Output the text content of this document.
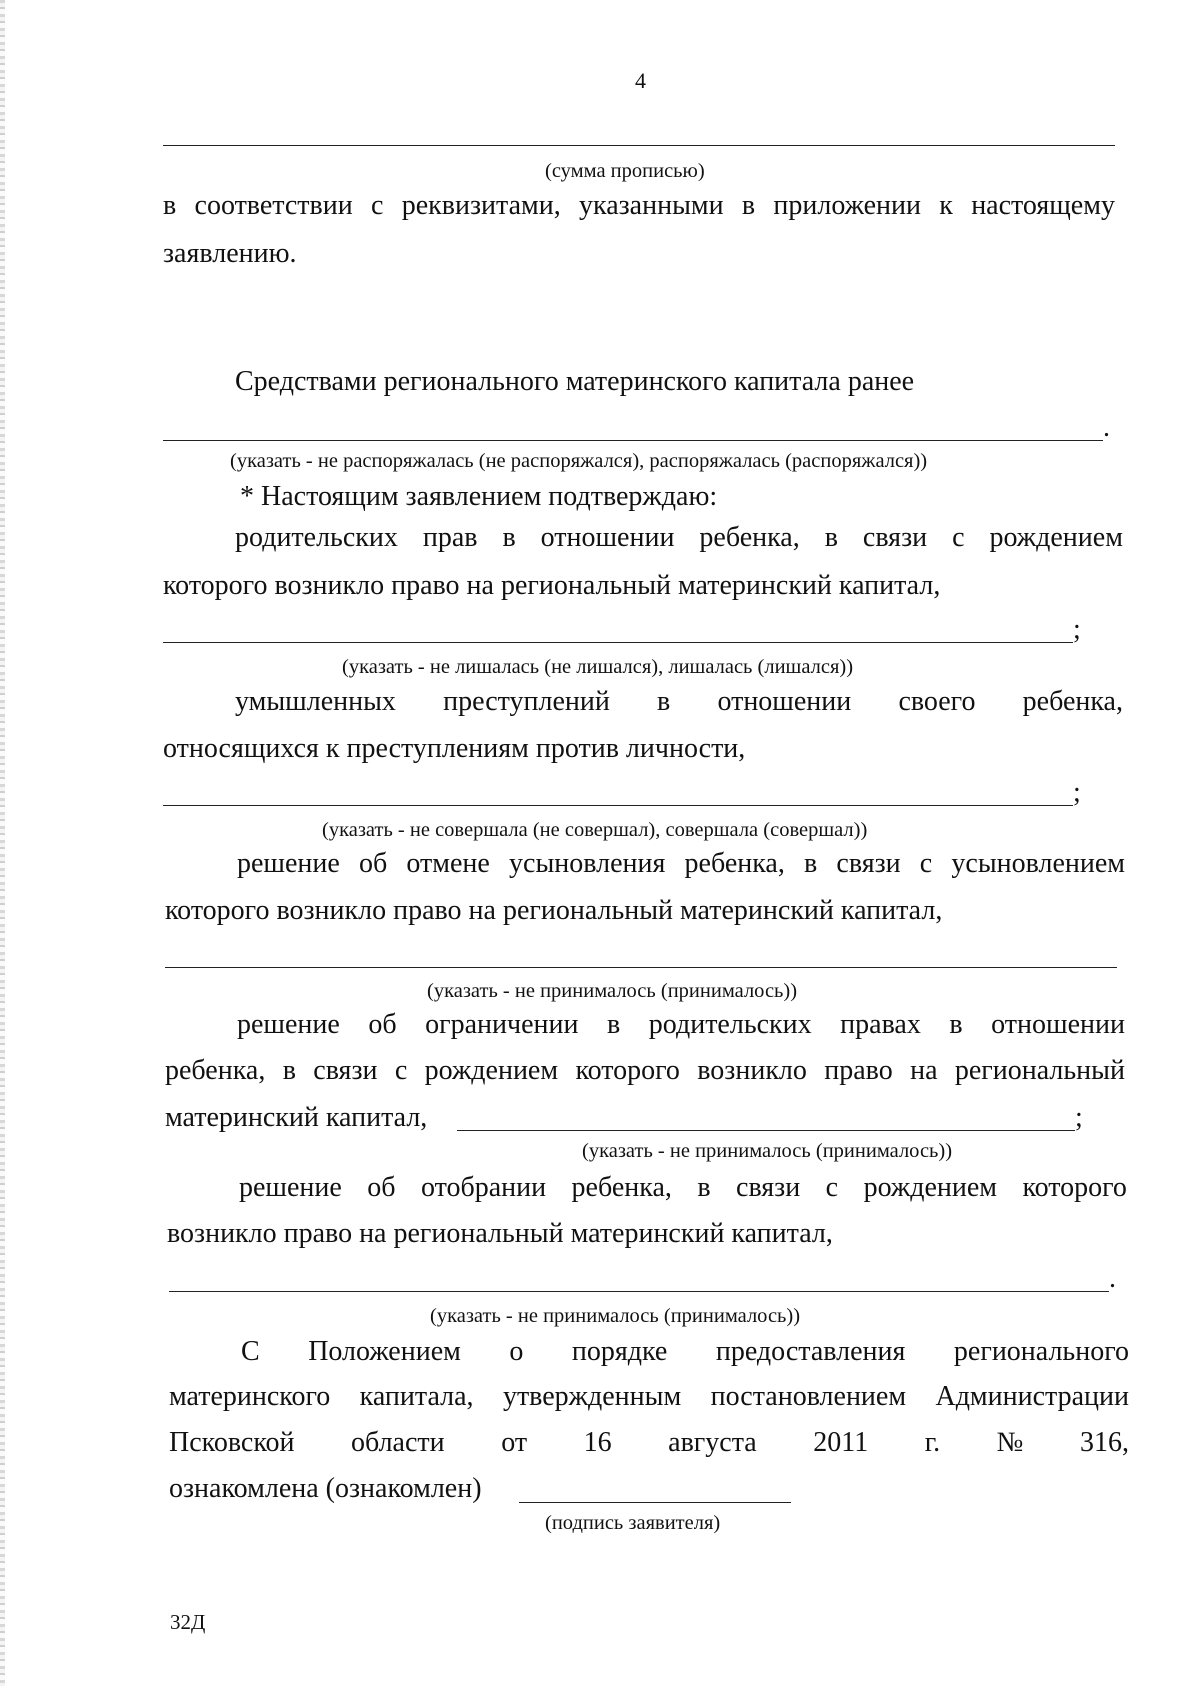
4
(сумма прописью)
в соответствии с реквизитами, указанными в приложении к настоящему
заявлению.
Средствами регионального материнского капитала ранее
.
(указать - не распоряжалась (не распоряжался), распоряжалась (распоряжался))
* Настоящим заявлением подтверждаю:
родительских прав в отношении ребенка, в связи с рождением
которого возникло право на региональный материнский капитал,
;
(указать - не лишалась (не лишался), лишалась (лишался))
умышленных преступлений в отношении своего ребенка,
относящихся к преступлениям против личности,
;
(указать - не совершала (не совершал), совершала (совершал))
решение об отмене усыновления ребенка, в связи с усыновлением
которого возникло право на региональный материнский капитал,
(указать - не принималось (принималось))
решение об ограничении в родительских правах в отношении
ребенка, в связи с рождением которого возникло право на региональный
материнский капитал,	;
(указать - не принималось (принималось))
решение об отобрании ребенка, в связи с рождением которого
возникло право на региональный материнский капитал,
.
(указать - не принималось (принималось))
С Положением о порядке предоставления регионального
материнского капитала, утвержденным постановлением Администрации
Псковской области от 16 августа 2011 г. № 316,
ознакомлена (ознакомлен)
(подпись заявителя)
32Д
